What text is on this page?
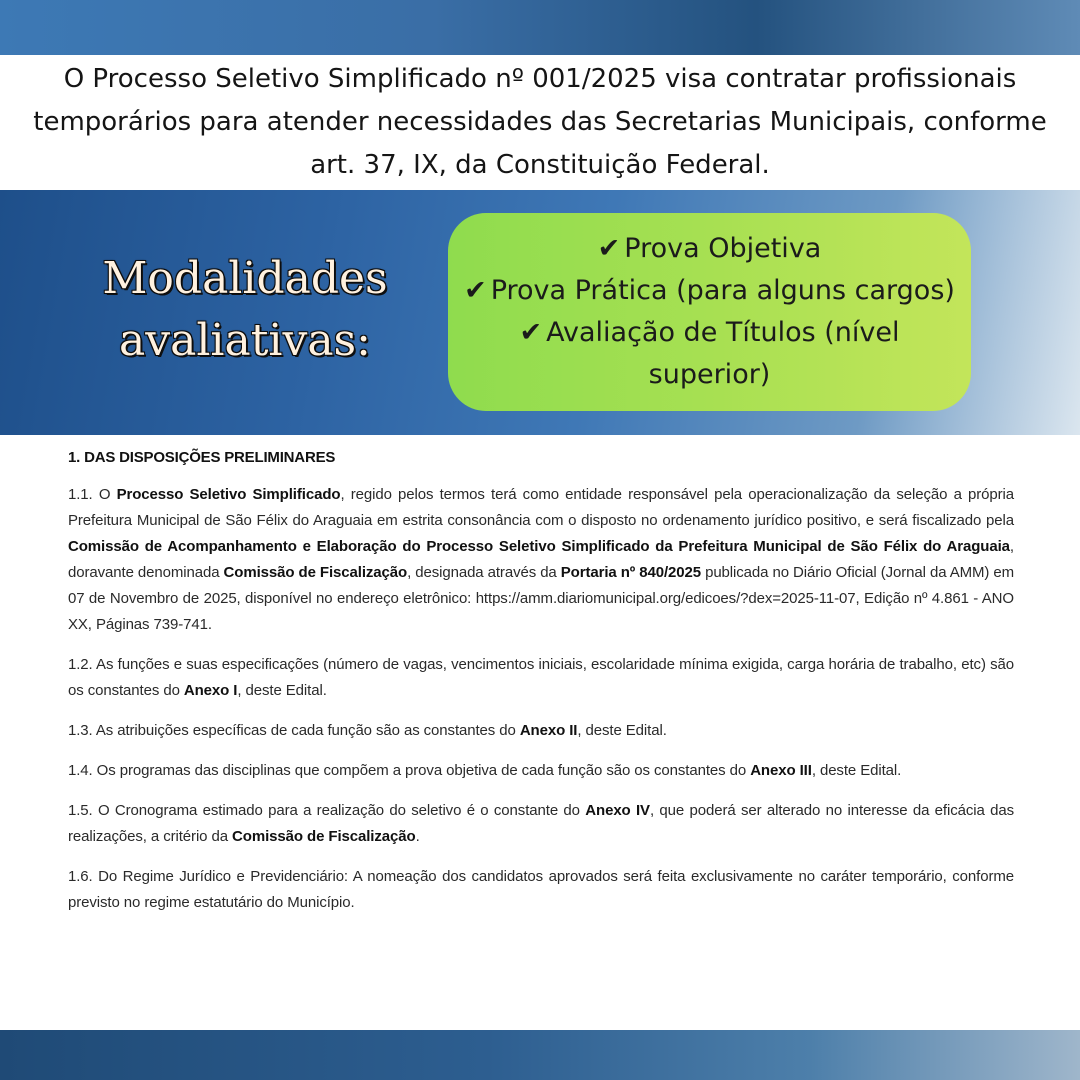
O Processo Seletivo Simplificado nº 001/2025 visa contratar profissionais temporários para atender necessidades das Secretarias Municipais, conforme art. 37, IX, da Constituição Federal.

Modalidades
avaliativas:
✔ Prova Objetiva
✔ Prova Prática (para alguns cargos)
✔ Avaliação de Títulos (nível superior)
1. DAS DISPOSIÇÕES PRELIMINARES

1.1. O Processo Seletivo Simplificado, regido pelos termos terá como entidade responsável pela operacionalização da seleção a própria Prefeitura Municipal de São Félix do Araguaia em estrita consonância com o disposto no ordenamento jurídico positivo, e será fiscalizado pela Comissão de Acompanhamento e Elaboração do Processo Seletivo Simplificado da Prefeitura Municipal de São Félix do Araguaia, doravante denominada Comissão de Fiscalização, designada através da Portaria nº 840/2025 publicada no Diário Oficial (Jornal da AMM) em 07 de Novembro de 2025, disponível no endereço eletrônico: https://amm.diariomunicipal.org/edicoes/?dex=2025-11-07, Edição nº 4.861 - ANO XX, Páginas 739-741.

1.2. As funções e suas especificações (número de vagas, vencimentos iniciais, escolaridade mínima exigida, carga horária de trabalho, etc) são os constantes do Anexo I, deste Edital.

1.3. As atribuições específicas de cada função são as constantes do Anexo II, deste Edital.

1.4. Os programas das disciplinas que compõem a prova objetiva de cada função são os constantes do Anexo III, deste Edital.

1.5. O Cronograma estimado para a realização do seletivo é o constante do Anexo IV, que poderá ser alterado no interesse da eficácia das realizações, a critério da Comissão de Fiscalização.

1.6. Do Regime Jurídico e Previdenciário: A nomeação dos candidatos aprovados será feita exclusivamente no caráter temporário, conforme previsto no regime estatutário do Município.
